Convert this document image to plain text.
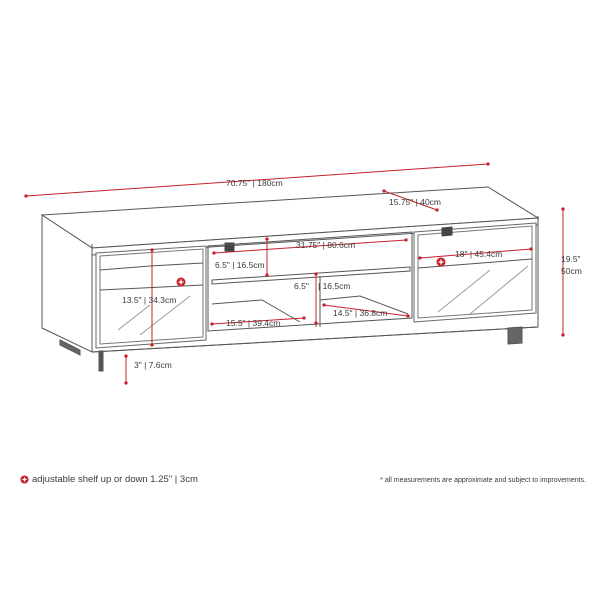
70.75" | 180cm
15.75" | 40cm
19.5"
50cm
31.75" | 80.6cm
6.5" | 16.5cm
6.5" | 16.5cm
13.5" | 34.3cm
18" | 45.4cm
15.5" | 39.4cm
14.5" | 36.8cm
3" | 7.6cm
adjustable shelf up or down 1.25" | 3cm	* all measurements are approximate and subject to improvements.
